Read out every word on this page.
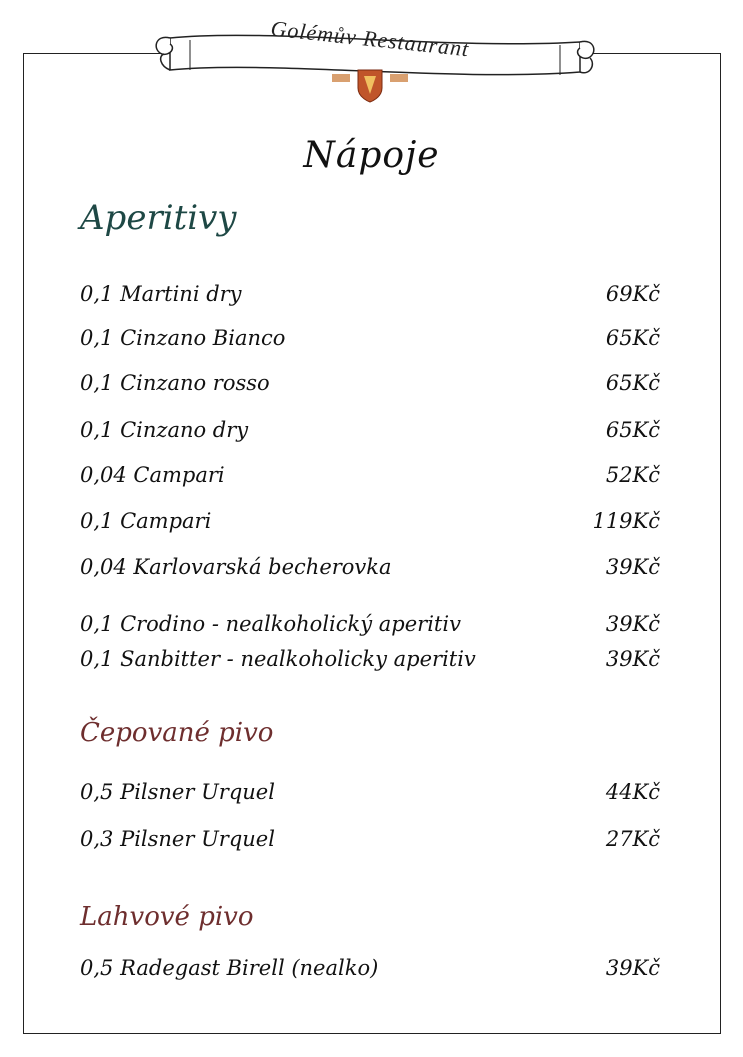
Golémův Restaurant
Nápoje
Aperitivy
0,1 Martini dry	69Kč
0,1 Cinzano Bianco	65Kč
0,1 Cinzano rosso	65Kč
0,1 Cinzano dry	65Kč
0,04 Campari	52Kč
0,1 Campari	119Kč
0,04 Karlovarská becherovka	39Kč
0,1 Crodino - nealkoholický aperitiv	39Kč
0,1 Sanbitter - nealkoholicky aperitiv	39Kč
Čepované pivo
0,5 Pilsner Urquel	44Kč
0,3 Pilsner Urquel	27Kč
Lahvové pivo
0,5 Radegast Birell (nealko)	39Kč
